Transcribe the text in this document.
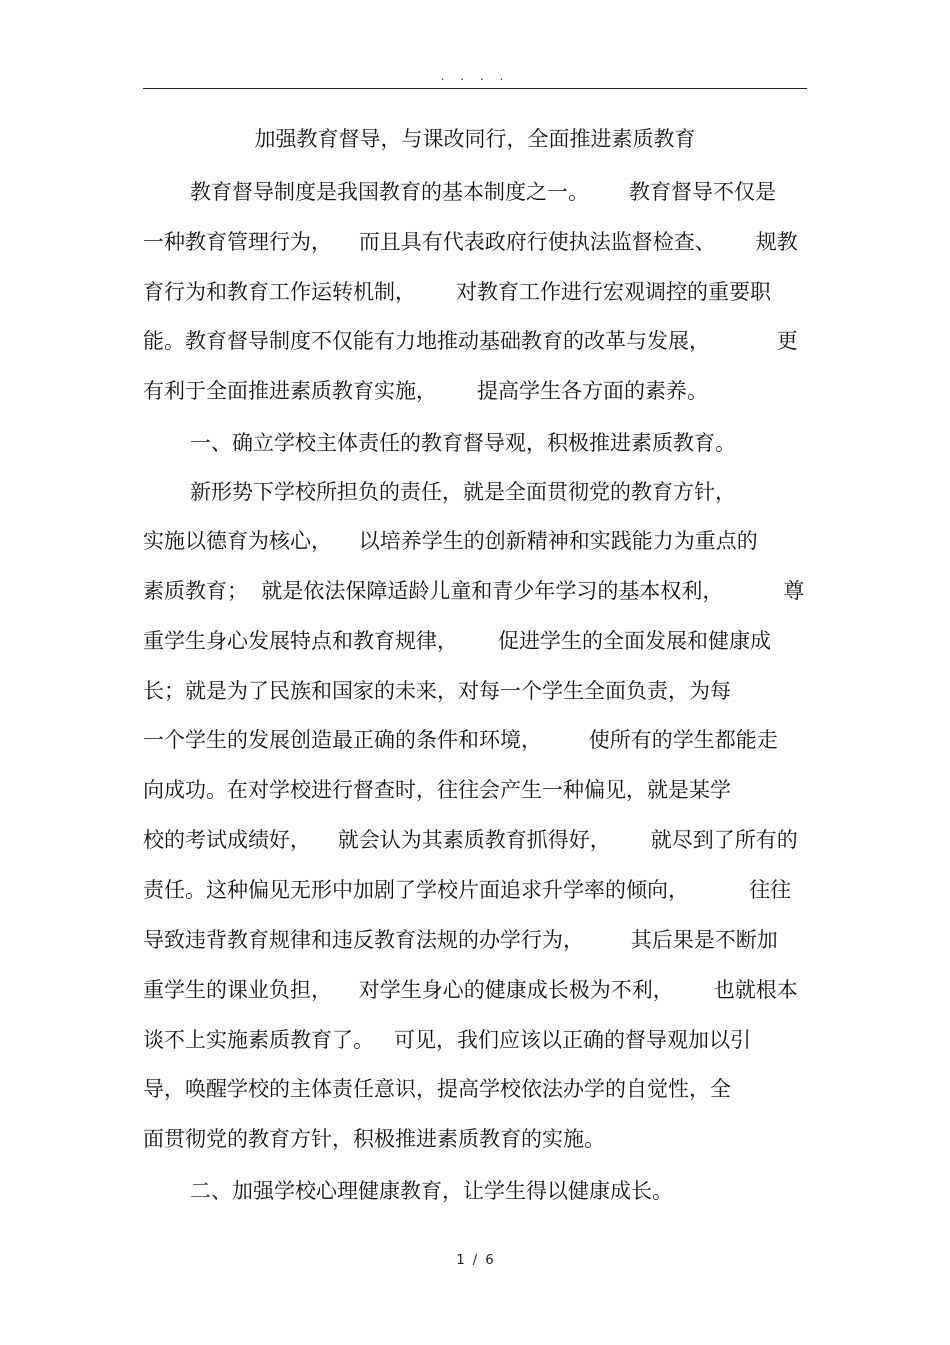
. . . .
加强教育督导，与课改同行，全面推进素质教育
教育督导制度是我国教育的基本制度之一。      教育督导不仅是
一种教育管理行为，    而且具有代表政府行使执法监督检查、      规教
育行为和教育工作运转机制，      对教育工作进行宏观调控的重要职
能。教育督导制度不仅能有力地推动基础教育的改革与发展，          更
有利于全面推进素质教育实施，      提高学生各方面的素养。
一、确立学校主体责任的教育督导观，积极推进素质教育。
新形势下学校所担负的责任，就是全面贯彻党的教育方针，
实施以德育为核心，    以培养学生的创新精神和实践能力为重点的
素质教育；  就是依法保障适龄儿童和青少年学习的基本权利，         尊
重学生身心发展特点和教育规律，      促进学生的全面发展和健康成
长；就是为了民族和国家的未来，对每一个学生全面负责，为每
一个学生的发展创造最正确的条件和环境，       使所有的学生都能走
向成功。在对学校进行督查时，往往会产生一种偏见，就是某学
校的考试成绩好，    就会认为其素质教育抓得好，      就尽到了所有的
责任。这种偏见无形中加剧了学校片面追求升学率的倾向，         往往
导致违背教育规律和违反教育法规的办学行为，       其后果是不断加
重学生的课业负担，    对学生身心的健康成长极为不利，      也就根本
谈不上实施素质教育了。   可见，我们应该以正确的督导观加以引
导，唤醒学校的主体责任意识，提高学校依法办学的自觉性，全
面贯彻党的教育方针，积极推进素质教育的实施。
二、加强学校心理健康教育，让学生得以健康成长。
1 / 6
